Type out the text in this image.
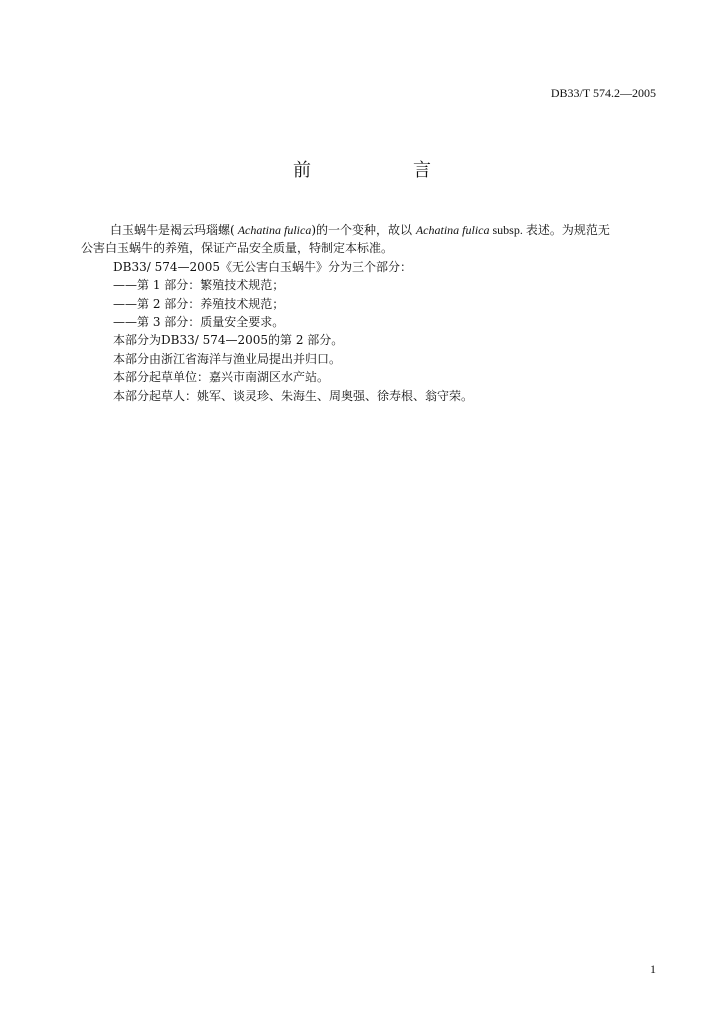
DB33/T 574.2—2005
前　言
白玉蜗牛是褐云玛瑙螺( Achatina fulica)的一个变种，故以 Achatina fulica subsp. 表述。为规范无
公害白玉蜗牛的养殖，保证产品安全质量，特制定本标准。
DB33/ 574—2005《无公害白玉蜗牛》分为三个部分：
——第 1 部分：繁殖技术规范；
——第 2 部分：养殖技术规范；
——第 3 部分：质量安全要求。
本部分为DB33/ 574—2005的第 2 部分。
本部分由浙江省海洋与渔业局提出并归口。
本部分起草单位：嘉兴市南湖区水产站。
本部分起草人：姚军、谈灵珍、朱海生、周奥强、徐寿根、翁守荣。
1
